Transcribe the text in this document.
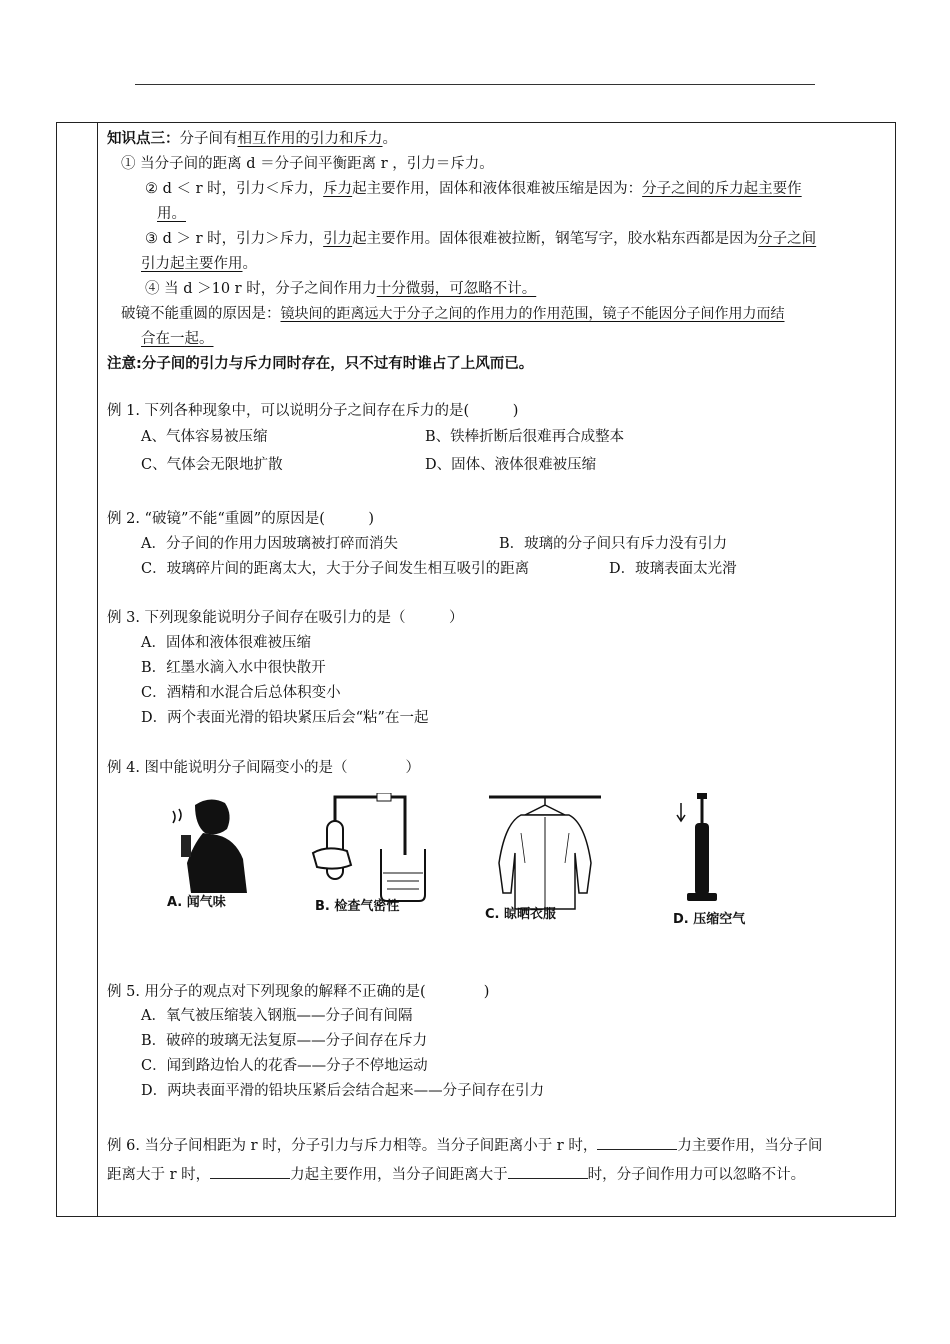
知识点三：分子间有相互作用的引力和斥力。
① 当分子间的距离 d ＝分子间平衡距离 r ，引力＝斥力。
② d ＜ r 时，引力＜斥力，斥力起主要作用，固体和液体很难被压缩是因为：分子之间的斥力起主要作
用。
③ d ＞ r 时，引力＞斥力，引力起主要作用。固体很难被拉断，钢笔写字，胶水粘东西都是因为分子之间
引力起主要作用。
④ 当 d ＞10 r 时，分子之间作用力十分微弱，可忽略不计。
破镜不能重圆的原因是：镜块间的距离远大于分子之间的作用力的作用范围，镜子不能因分子间作用力而结
合在一起。
注意:分子间的引力与斥力同时存在，只不过有时谁占了上风而已。
例 1. 下列各种现象中，可以说明分子之间存在斥力的是(　　　)
A、气体容易被压缩	B、铁棒折断后很难再合成整本
C、气体会无限地扩散	D、固体、液体很难被压缩
例 2. “破镜”不能“重圆”的原因是(　　　)
A．分子间的作用力因玻璃被打碎而消失	B．玻璃的分子间只有斥力没有引力
C．玻璃碎片间的距离太大，大于分子间发生相互吸引的距离	D．玻璃表面太光滑
例 3. 下列现象能说明分子间存在吸引力的是（　　　）
A．固体和液体很难被压缩
B．红墨水滴入水中很快散开
C．酒精和水混合后总体积变小
D．两个表面光滑的铅块紧压后会“粘”在一起
例 4. 图中能说明分子间隔变小的是（　　　　）
A. 闻气味	B. 检查气密性
C. 晾晒衣服	D. 压缩空气
例 5. 用分子的观点对下列现象的解释不正确的是(　　　　)
A．氧气被压缩装入钢瓶——分子间有间隔
B．破碎的玻璃无法复原——分子间存在斥力
C．闻到路边怡人的花香——分子不停地运动
D．两块表面平滑的铅块压紧后会结合起来——分子间存在引力
例 6. 当分子间相距为 r 时，分子引力与斥力相等。当分子间距离小于 r 时，	力主要作用，当分子间
距离大于 r 时，	力起主要作用，当分子间距离大于	时，分子间作用力可以忽略不计。
